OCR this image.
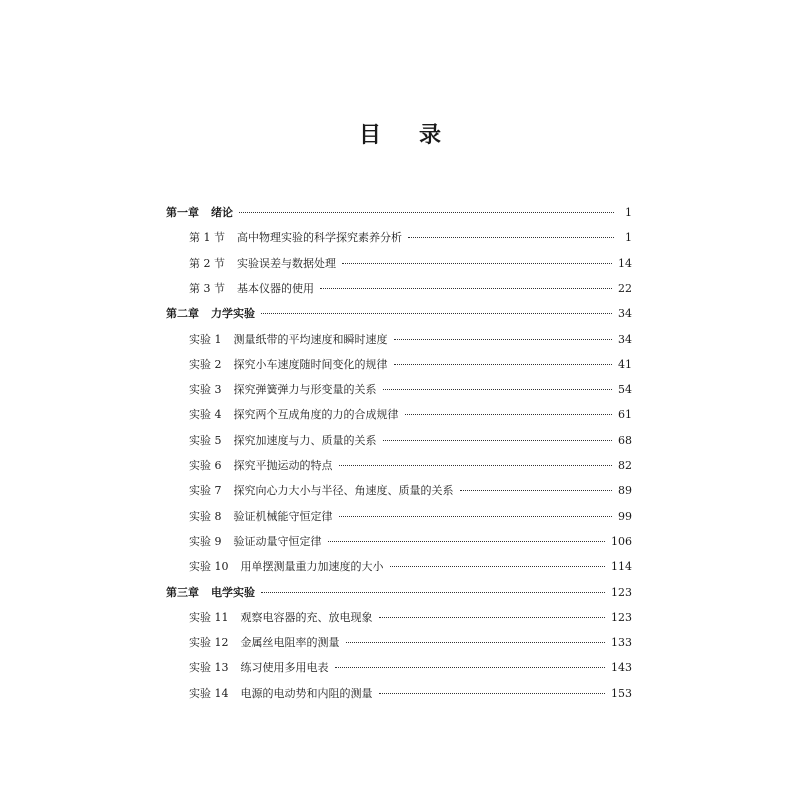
目 录
第一章 绪论	1
第 1 节 高中物理实验的科学探究素养分析	1
第 2 节 实验误差与数据处理	14
第 3 节 基本仪器的使用	22
第二章 力学实验	34
实验 1 测量纸带的平均速度和瞬时速度	34
实验 2 探究小车速度随时间变化的规律	41
实验 3 探究弹簧弹力与形变量的关系	54
实验 4 探究两个互成角度的力的合成规律	61
实验 5 探究加速度与力、质量的关系	68
实验 6 探究平抛运动的特点	82
实验 7 探究向心力大小与半径、角速度、质量的关系	89
实验 8 验证机械能守恒定律	99
实验 9 验证动量守恒定律	106
实验 10 用单摆测量重力加速度的大小	114
第三章 电学实验	123
实验 11 观察电容器的充、放电现象	123
实验 12 金属丝电阻率的测量	133
实验 13 练习使用多用电表	143
实验 14 电源的电动势和内阻的测量	153
